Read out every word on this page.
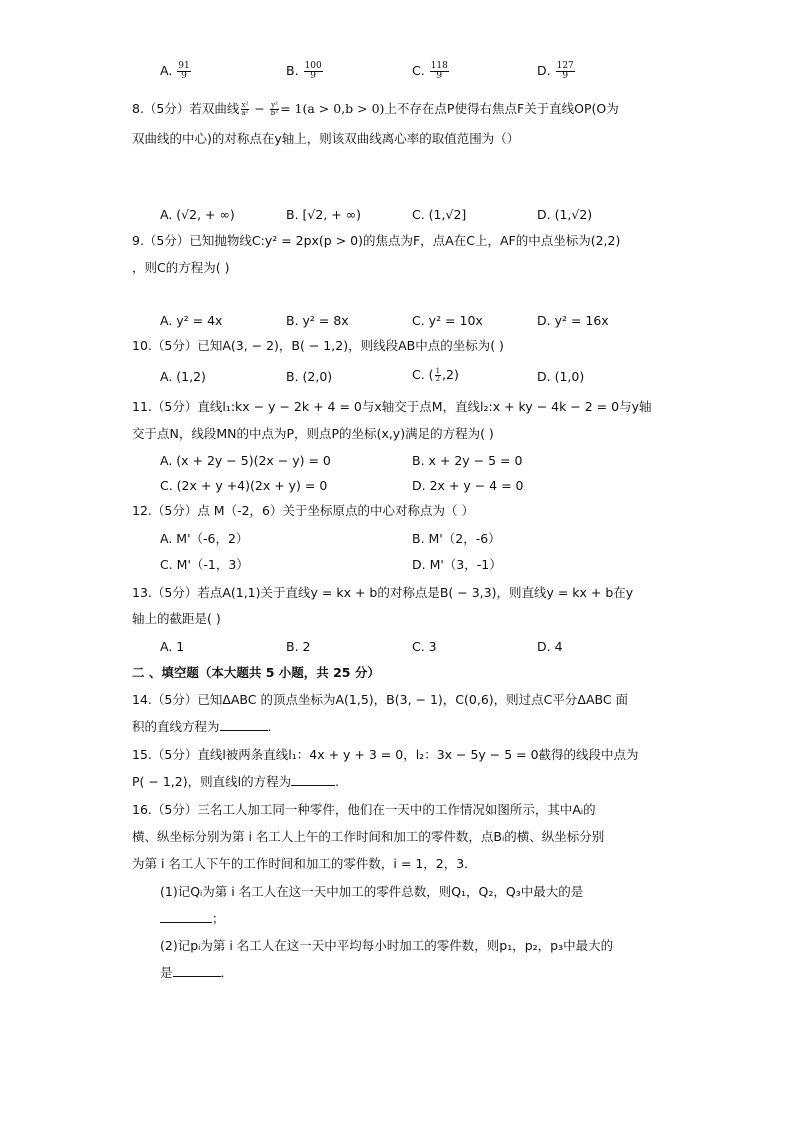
A. $\frac{91}{9}$	B. $\frac{100}{9}$	C. $\frac{118}{9}$	D. $\frac{127}{9}$
8.（5分）若双曲线 $\frac{\text{x²}}{\text{a²}} - \frac{\text{y²}}{\text{b²}} = 1(a > 0,b > 0)$上不存在点P使得右焦点F关于直线OP(O为
双曲线的中心)的对称点在y轴上，则该双曲线离心率的取值范围为（）
A. (√2, + ∞)	B. [√2, + ∞)	C. (1,√2]	D. (1,√2)
9.（5分）已知抛物线C:y² = 2px(p > 0)的焦点为F，点A在C上，AF的中点坐标为(2,2)
，则C的方程为( )
A. y² = 4x	B. y² = 8x	C. y² = 10x	D. y² = 16x
10.（5分）已知A(3, − 2)，B( − 1,2)，则线段AB中点的坐标为( )
A. (1,2)	B. (2,0)	C. ( $\frac{1}{2} ,2$)	D. (1,0)
11.（5分）直线l₁:kx − y − 2k + 4 = 0与x轴交于点M，直线l₂:x + ky − 4k − 2 = 0与y轴
交于点N，线段MN的中点为P，则点P的坐标(x,y)满足的方程为( )
A. (x + 2y − 5)(2x − y) = 0	B. x + 2y − 5 = 0
C. (2x + y +4)(2x + y) = 0	D. 2x + y − 4 = 0
12.（5分）点 M（-2，6）关于坐标原点的中心对称点为（ ）
A. M'（-6，2）	B. M'（2，-6）
C. M'（-1，3）	D. M'（3，-1）
13.（5分）若点A(1,1)关于直线y = kx + b的对称点是B( − 3,3)，则直线y = kx + b在y
轴上的截距是( )
A. 1	B. 2	C. 3	D. 4
二 、填空题（本大题共 5 小题，共 25 分）
14.（5分）已知ΔABC 的顶点坐标为A(1,5)，B(3, − 1)，C(0,6)，则过点C平分ΔABC 面
积的直线方程为	.
15.（5分）直线l被两条直线l₁：4x + y + 3 = 0，l₂：3x − 5y − 5 = 0截得的线段中点为
P( − 1,2)，则直线l的方程为	.
16.（5分）三名工人加工同一种零件，他们在一天中的工作情况如图所示，其中Aᵢ的
横、纵坐标分别为第 i 名工人上午的工作时间和加工的零件数，点Bᵢ的横、纵坐标分别
为第 i 名工人下午的工作时间和加工的零件数，i = 1，2，3．
(1)记Qᵢ为第 i 名工人在这一天中加工的零件总数，则Q₁，Q₂，Q₃中最大的是
；
(2)记pᵢ为第 i 名工人在这一天中平均每小时加工的零件数，则p₁，p₂，p₃中最大的
是	．
